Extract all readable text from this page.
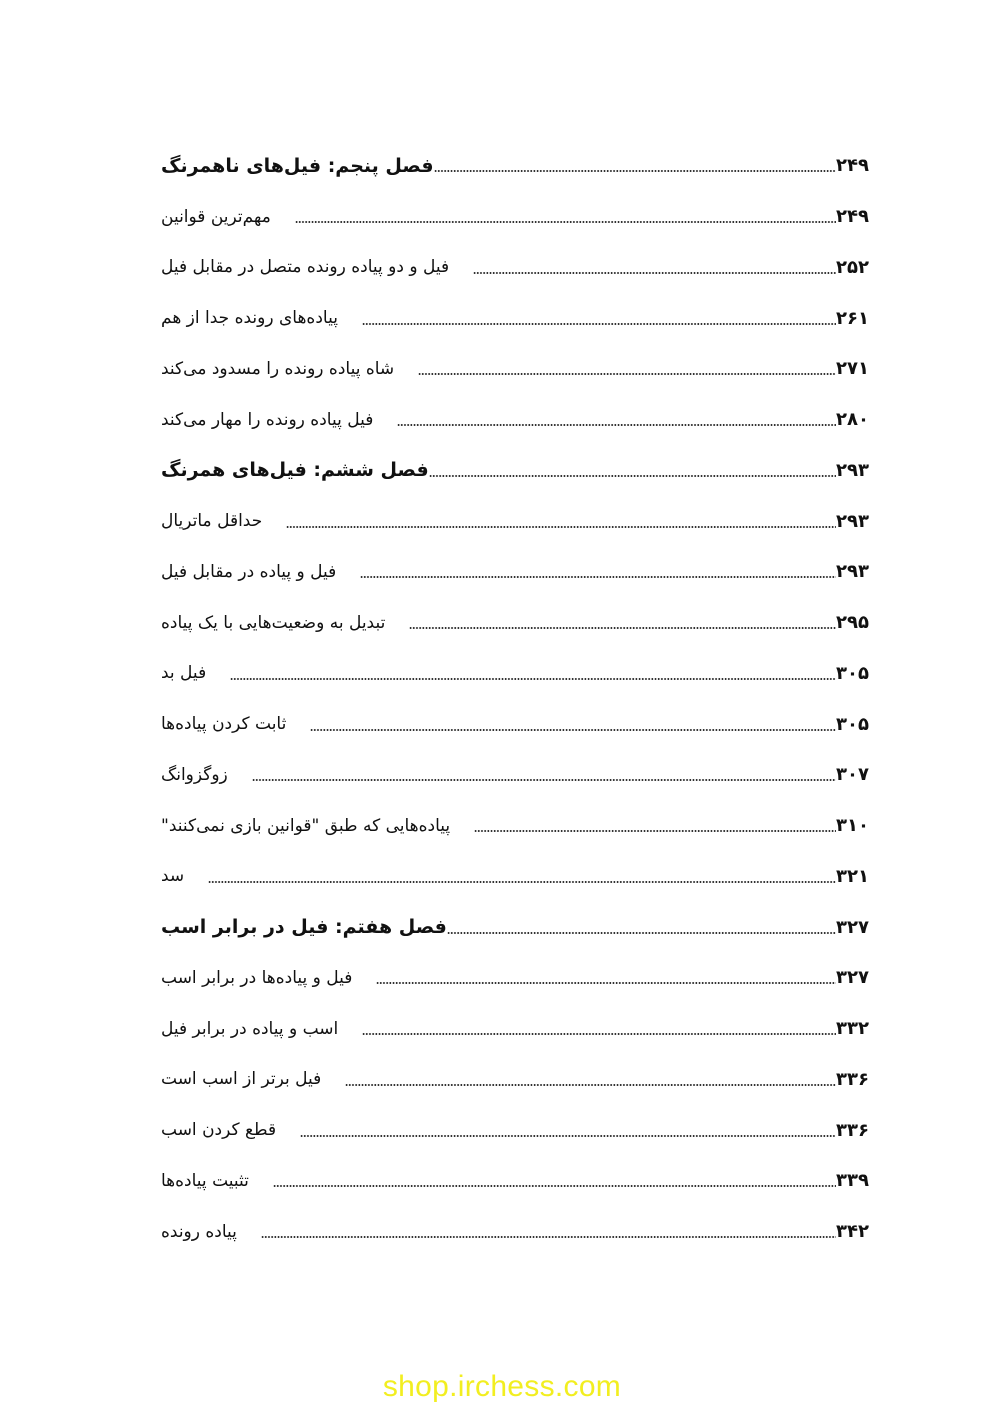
فصل پنجم: فیل‌های ناهمرنگ	۲۴۹
مهم‌ترین قوانین	۲۴۹
فیل و دو پیاده رونده متصل در مقابل فیل	۲۵۲
پیاده‌های رونده جدا از هم	۲۶۱
شاه پیاده رونده را مسدود می‌کند	۲۷۱
فیل پیاده رونده را مهار می‌کند	۲۸۰
فصل ششم: فیل‌های همرنگ	۲۹۳
حداقل ماتریال	۲۹۳
فیل و پیاده در مقابل فیل	۲۹۳
تبدیل به وضعیت‌هایی با یک پیاده	۲۹۵
فیل بد	۳۰۵
ثابت کردن پیاده‌ها	۳۰۵
زوگزوانگ	۳۰۷
پیاده‌هایی که طبق "قوانین بازی نمی‌کنند"	۳۱۰
سد	۳۲۱
فصل هفتم: فیل در برابر اسب	۳۲۷
فیل و پیاده‌ها در برابر اسب	۳۲۷
اسب و پیاده در برابر فیل	۳۳۲
فیل برتر از اسب است	۳۳۶
قطع کردن اسب	۳۳۶
تثبیت پیاده‌ها	۳۳۹
پیاده رونده	۳۴۲
shop.irchess.com
